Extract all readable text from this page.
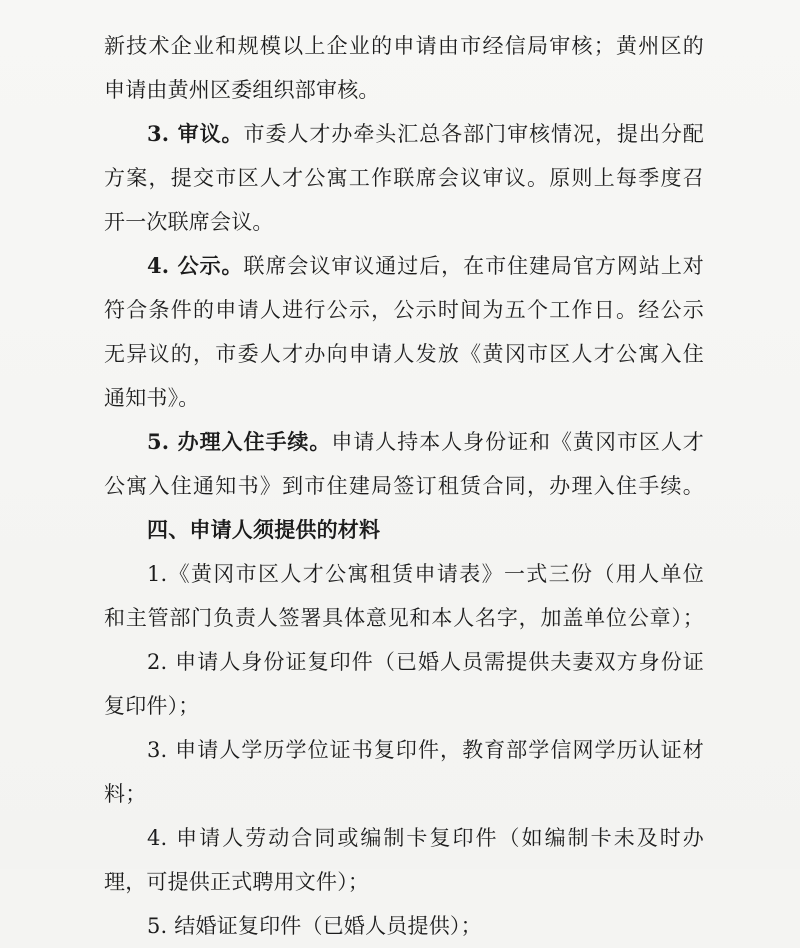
新技术企业和规模以上企业的申请由市经信局审核；黄州区的
申请由黄州区委组织部审核。
3. 审议。市委人才办牵头汇总各部门审核情况，提出分配
方案，提交市区人才公寓工作联席会议审议。原则上每季度召
开一次联席会议。
4. 公示。联席会议审议通过后，在市住建局官方网站上对
符合条件的申请人进行公示，公示时间为五个工作日。经公示
无异议的，市委人才办向申请人发放《黄冈市区人才公寓入住
通知书》。
5. 办理入住手续。申请人持本人身份证和《黄冈市区人才
公寓入住通知书》到市住建局签订租赁合同，办理入住手续。
四、申请人须提供的材料
1.《黄冈市区人才公寓租赁申请表》一式三份（用人单位
和主管部门负责人签署具体意见和本人名字，加盖单位公章）；
2. 申请人身份证复印件（已婚人员需提供夫妻双方身份证
复印件）；
3. 申请人学历学位证书复印件，教育部学信网学历认证材
料；
4. 申请人劳动合同或编制卡复印件（如编制卡未及时办
理，可提供正式聘用文件）；
5. 结婚证复印件（已婚人员提供）；
